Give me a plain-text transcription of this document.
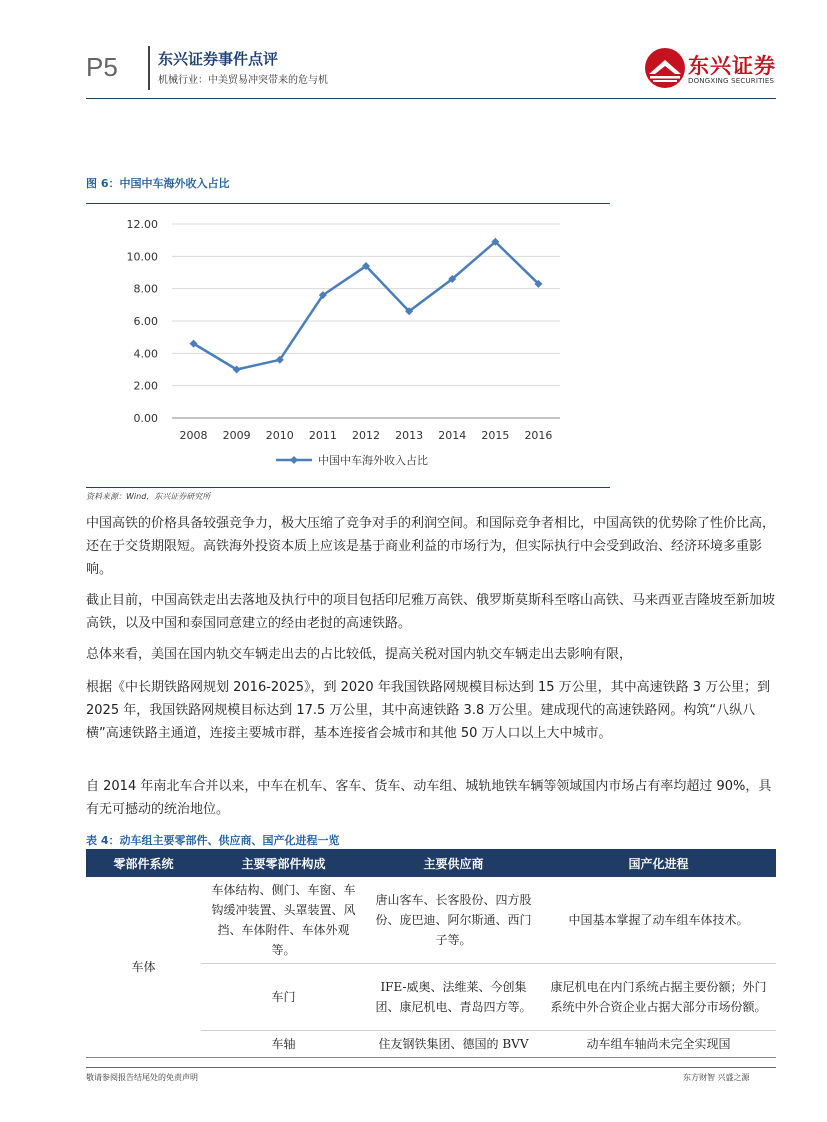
P5	东兴证券事件点评
机械行业：中美贸易冲突带来的危与机
东兴证券
DONGXING SECURITIES
图 6：中国中车海外收入占比
0.00
2.00
4.00
6.00
8.00
10.00
12.00
2008 2009 2010 2011 2012 2013 2014 2015 2016
中国中车海外收入占比
资料来源：Wind，东兴证券研究所

中国高铁的价格具备较强竞争力，极大压缩了竞争对手的利润空间。和国际竞争者相比，中国高铁的优势除了性价比高，还在于交货期限短。高铁海外投资本质上应该是基于商业利益的市场行为，但实际执行中会受到政治、经济环境多重影响。

截止目前，中国高铁走出去落地及执行中的项目包括印尼雅万高铁、俄罗斯莫斯科至喀山高铁、马来西亚吉隆坡至新加坡高铁，以及中国和泰国同意建立的经由老挝的高速铁路。

总体来看，美国在国内轨交车辆走出去的占比较低，提高关税对国内轨交车辆走出去影响有限，

根据《中长期铁路网规划 2016-2025》，到 2020 年我国铁路网规模目标达到 15 万公里，其中高速铁路 3 万公里；到 2025 年，我国铁路网规模目标达到 17.5 万公里，其中高速铁路 3.8 万公里。建成现代的高速铁路网。构筑“八纵八横”高速铁路主通道，连接主要城市群，基本连接省会城市和其他 50 万人口以上大中城市。

自 2014 年南北车合并以来，中车在机车、客车、货车、动车组、城轨地铁车辆等领域国内市场占有率均超过 90%，具有无可撼动的统治地位。

表 4：动车组主要零部件、供应商、国产化进程一览
零部件系统	主要零部件构成	主要供应商	国产化进程
车体	车体结构、侧门、车窗、车钩缓冲装置、头罩装置、风挡、车体附件、车体外观等。	唐山客车、长客股份、四方股份、庞巴迪、阿尔斯通、西门子等。	中国基本掌握了动车组车体技术。
	车门	IFE-威奥、法维莱、今创集团、康尼机电、青岛四方等。	康尼机电在内门系统占据主要份额；外门系统中外合资企业占据大部分市场份额。
	车轴	住友钢铁集团、德国的 BVV	动车组车轴尚未完全实现国
敬请参阅报告结尾处的免责声明	东方财智 兴盛之源
